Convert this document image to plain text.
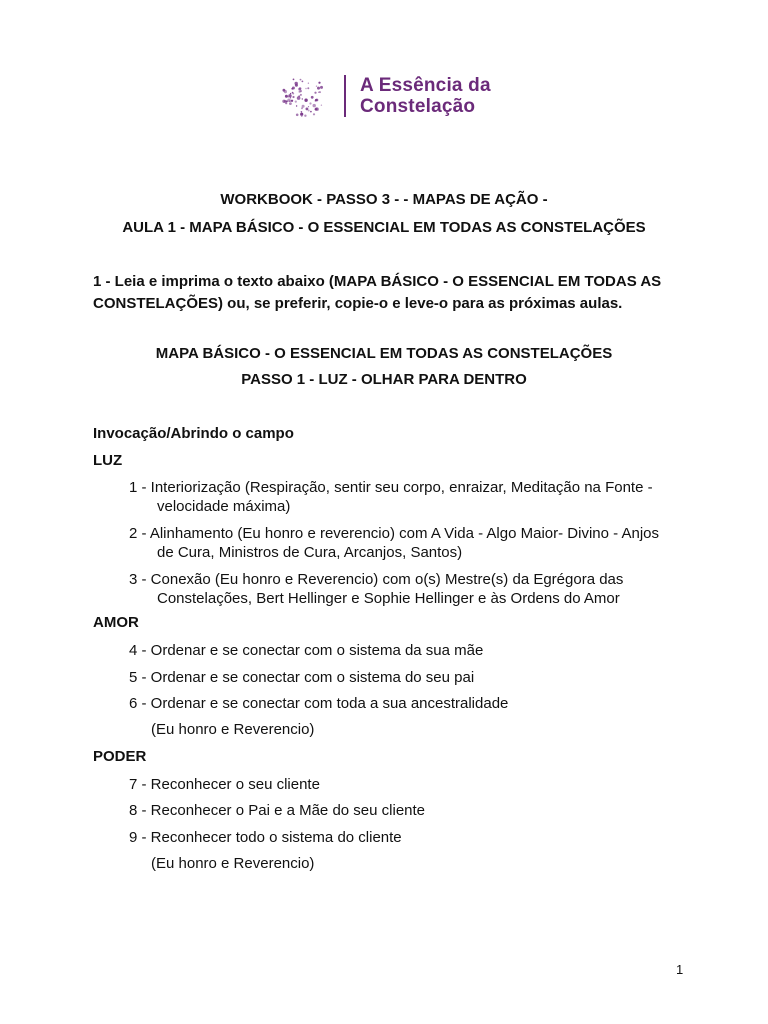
A Essência da
Constelação
WORKBOOK - PASSO 3 - - MAPAS DE AÇÃO -
AULA 1 - MAPA BÁSICO - O ESSENCIAL EM TODAS AS CONSTELAÇÕES
1 - Leia e imprima o texto abaixo (MAPA BÁSICO - O ESSENCIAL EM TODAS AS CONSTELAÇÕES) ou, se preferir, copie-o e leve-o para as próximas aulas.
MAPA BÁSICO - O ESSENCIAL EM TODAS AS CONSTELAÇÕES
PASSO 1 - LUZ - OLHAR PARA DENTRO
Invocação/Abrindo o campo
LUZ
1 - Interiorização (Respiração, sentir seu corpo, enraizar, Meditação na Fonte -
velocidade máxima)
2 - Alinhamento (Eu honro e reverencio) com A Vida - Algo Maior- Divino - Anjos
de Cura, Ministros de Cura, Arcanjos, Santos)
3 - Conexão (Eu honro e Reverencio) com o(s) Mestre(s) da Egrégora das
Constelações, Bert Hellinger e Sophie Hellinger e às Ordens do Amor
AMOR
4 - Ordenar e se conectar com o sistema da sua mãe
5 - Ordenar e se conectar com o sistema do seu pai
6 - Ordenar e se conectar com toda a sua ancestralidade
(Eu honro e Reverencio)
PODER
7 - Reconhecer o seu cliente
8 - Reconhecer o Pai e a Mãe do seu cliente
9 - Reconhecer todo o sistema do cliente
(Eu honro e Reverencio)
1
